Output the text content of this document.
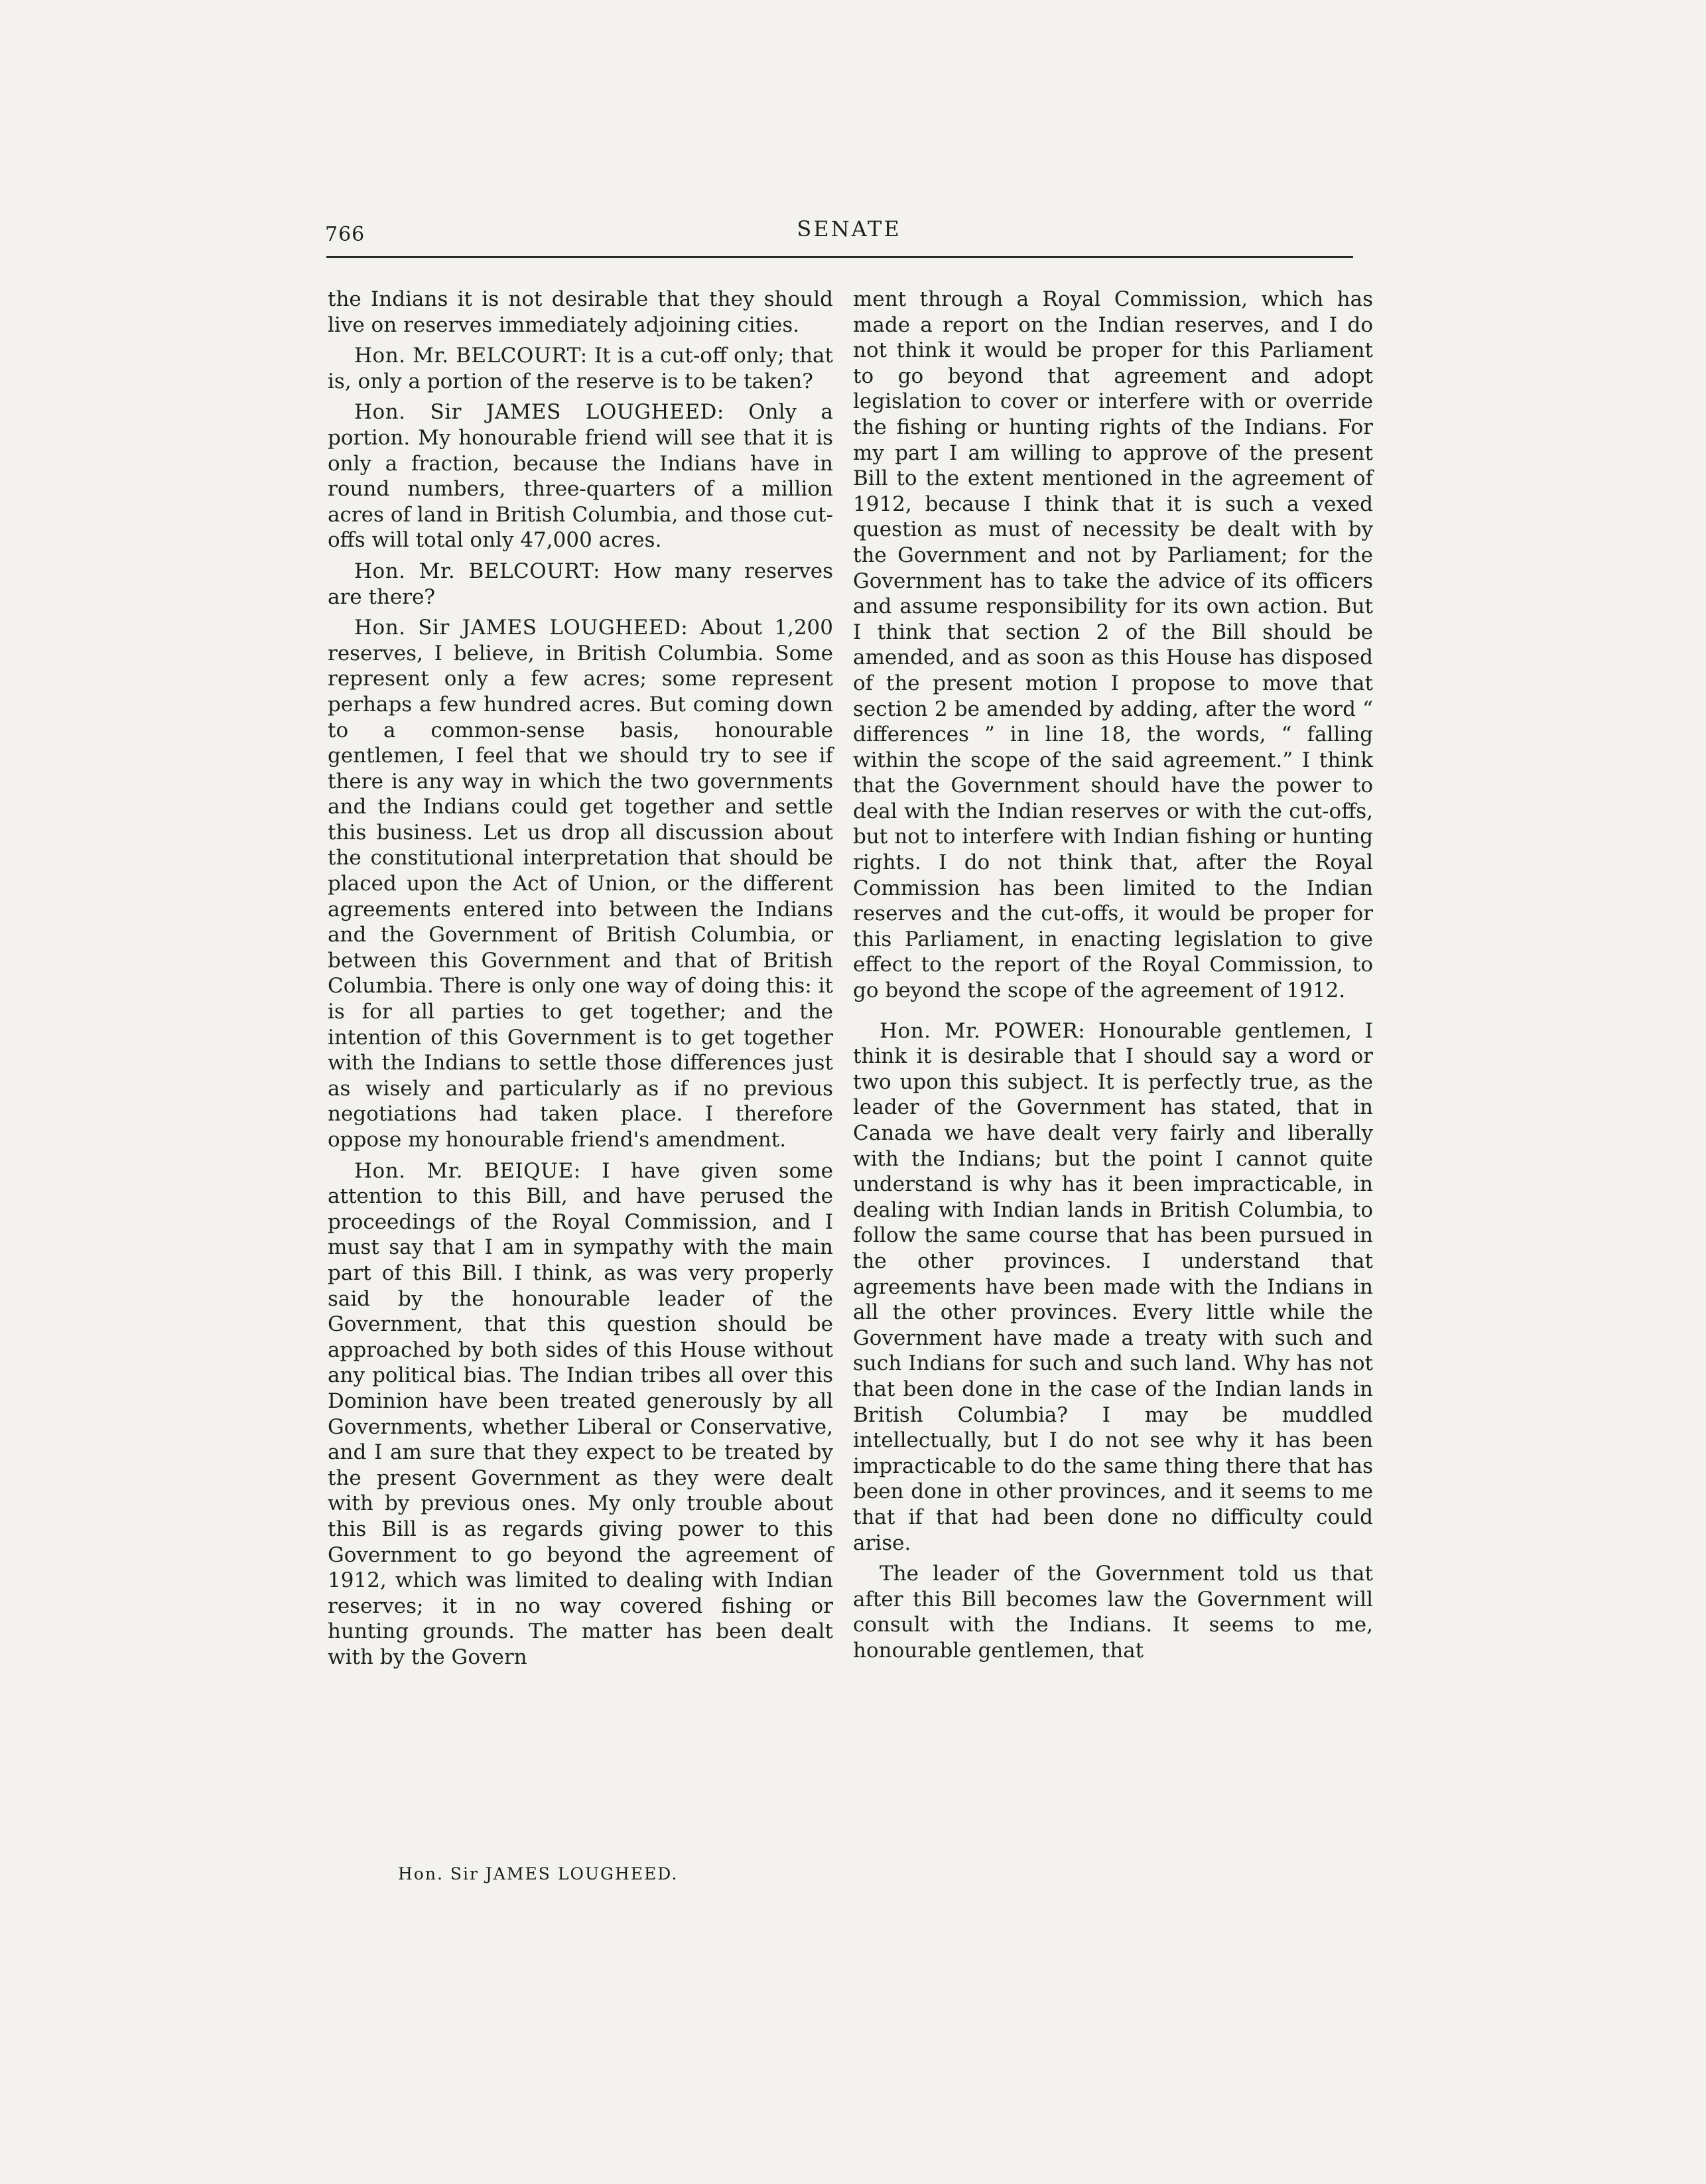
766	SENATE

the Indians it is not desirable that they should live on reserves immediately adjoining cities.

Hon. Mr. BELCOURT: It is a cut-off only; that is, only a portion of the reserve is to be taken?

Hon. Sir JAMES LOUGHEED: Only a portion. My honourable friend will see that it is only a fraction, because the Indians have in round numbers, three-quarters of a million acres of land in British Columbia, and those cut-offs will total only 47,000 acres.

Hon. Mr. BELCOURT: How many reserves are there?

Hon. Sir JAMES LOUGHEED: About 1,200 reserves, I believe, in British Columbia. Some represent only a few acres; some represent perhaps a few hundred acres. But coming down to a common-sense basis, honourable gentlemen, I feel that we should try to see if there is any way in which the two governments and the Indians could get together and settle this business. Let us drop all discussion about the constitutional interpretation that should be placed upon the Act of Union, or the different agreements entered into between the Indians and the Government of British Columbia, or between this Government and that of British Columbia. There is only one way of doing this: it is for all parties to get together; and the intention of this Government is to get together with the Indians to settle those differences just as wisely and particularly as if no previous negotiations had taken place. I therefore oppose my honourable friend's amendment.

Hon. Mr. BEIQUE: I have given some attention to this Bill, and have perused the proceedings of the Royal Commission, and I must say that I am in sympathy with the main part of this Bill. I think, as was very properly said by the honourable leader of the Government, that this question should be approached by both sides of this House without any political bias. The Indian tribes all over this Dominion have been treated generously by all Governments, whether Liberal or Conservative, and I am sure that they expect to be treated by the present Government as they were dealt with by previous ones. My only trouble about this Bill is as regards giving power to this Government to go beyond the agreement of 1912, which was limited to dealing with Indian reserves; it in no way covered fishing or hunting grounds. The matter has been dealt with by the Govern

ment through a Royal Commission, which has made a report on the Indian reserves, and I do not think it would be proper for this Parliament to go beyond that agreement and adopt legislation to cover or interfere with or override the fishing or hunting rights of the Indians. For my part I am willing to approve of the present Bill to the extent mentioned in the agreement of 1912, because I think that it is such a vexed question as must of necessity be dealt with by the Government and not by Parliament; for the Government has to take the advice of its officers and assume responsibility for its own action. But I think that section 2 of the Bill should be amended, and as soon as this House has disposed of the present motion I propose to move that section 2 be amended by adding, after the word “ differences ” in line 18, the words, “ falling within the scope of the said agreement.” I think that the Government should have the power to deal with the Indian reserves or with the cut-offs, but not to interfere with Indian fishing or hunting rights. I do not think that, after the Royal Commission has been limited to the Indian reserves and the cut-offs, it would be proper for this Parliament, in enacting legislation to give effect to the report of the Royal Commission, to go beyond the scope of the agreement of 1912.

Hon. Mr. POWER: Honourable gentlemen, I think it is desirable that I should say a word or two upon this subject. It is perfectly true, as the leader of the Government has stated, that in Canada we have dealt very fairly and liberally with the Indians; but the point I cannot quite understand is why has it been impracticable, in dealing with Indian lands in British Columbia, to follow the same course that has been pursued in the other provinces. I understand that agreements have been made with the Indians in all the other provinces. Every little while the Government have made a treaty with such and such Indians for such and such land. Why has not that been done in the case of the Indian lands in British Columbia? I may be muddled intellectually, but I do not see why it has been impracticable to do the same thing there that has been done in other provinces, and it seems to me that if that had been done no difficulty could arise.

The leader of the Government told us that after this Bill becomes law the Government will consult with the Indians. It seems to me, honourable gentlemen, that

Hon. Sir JAMES LOUGHEED.
